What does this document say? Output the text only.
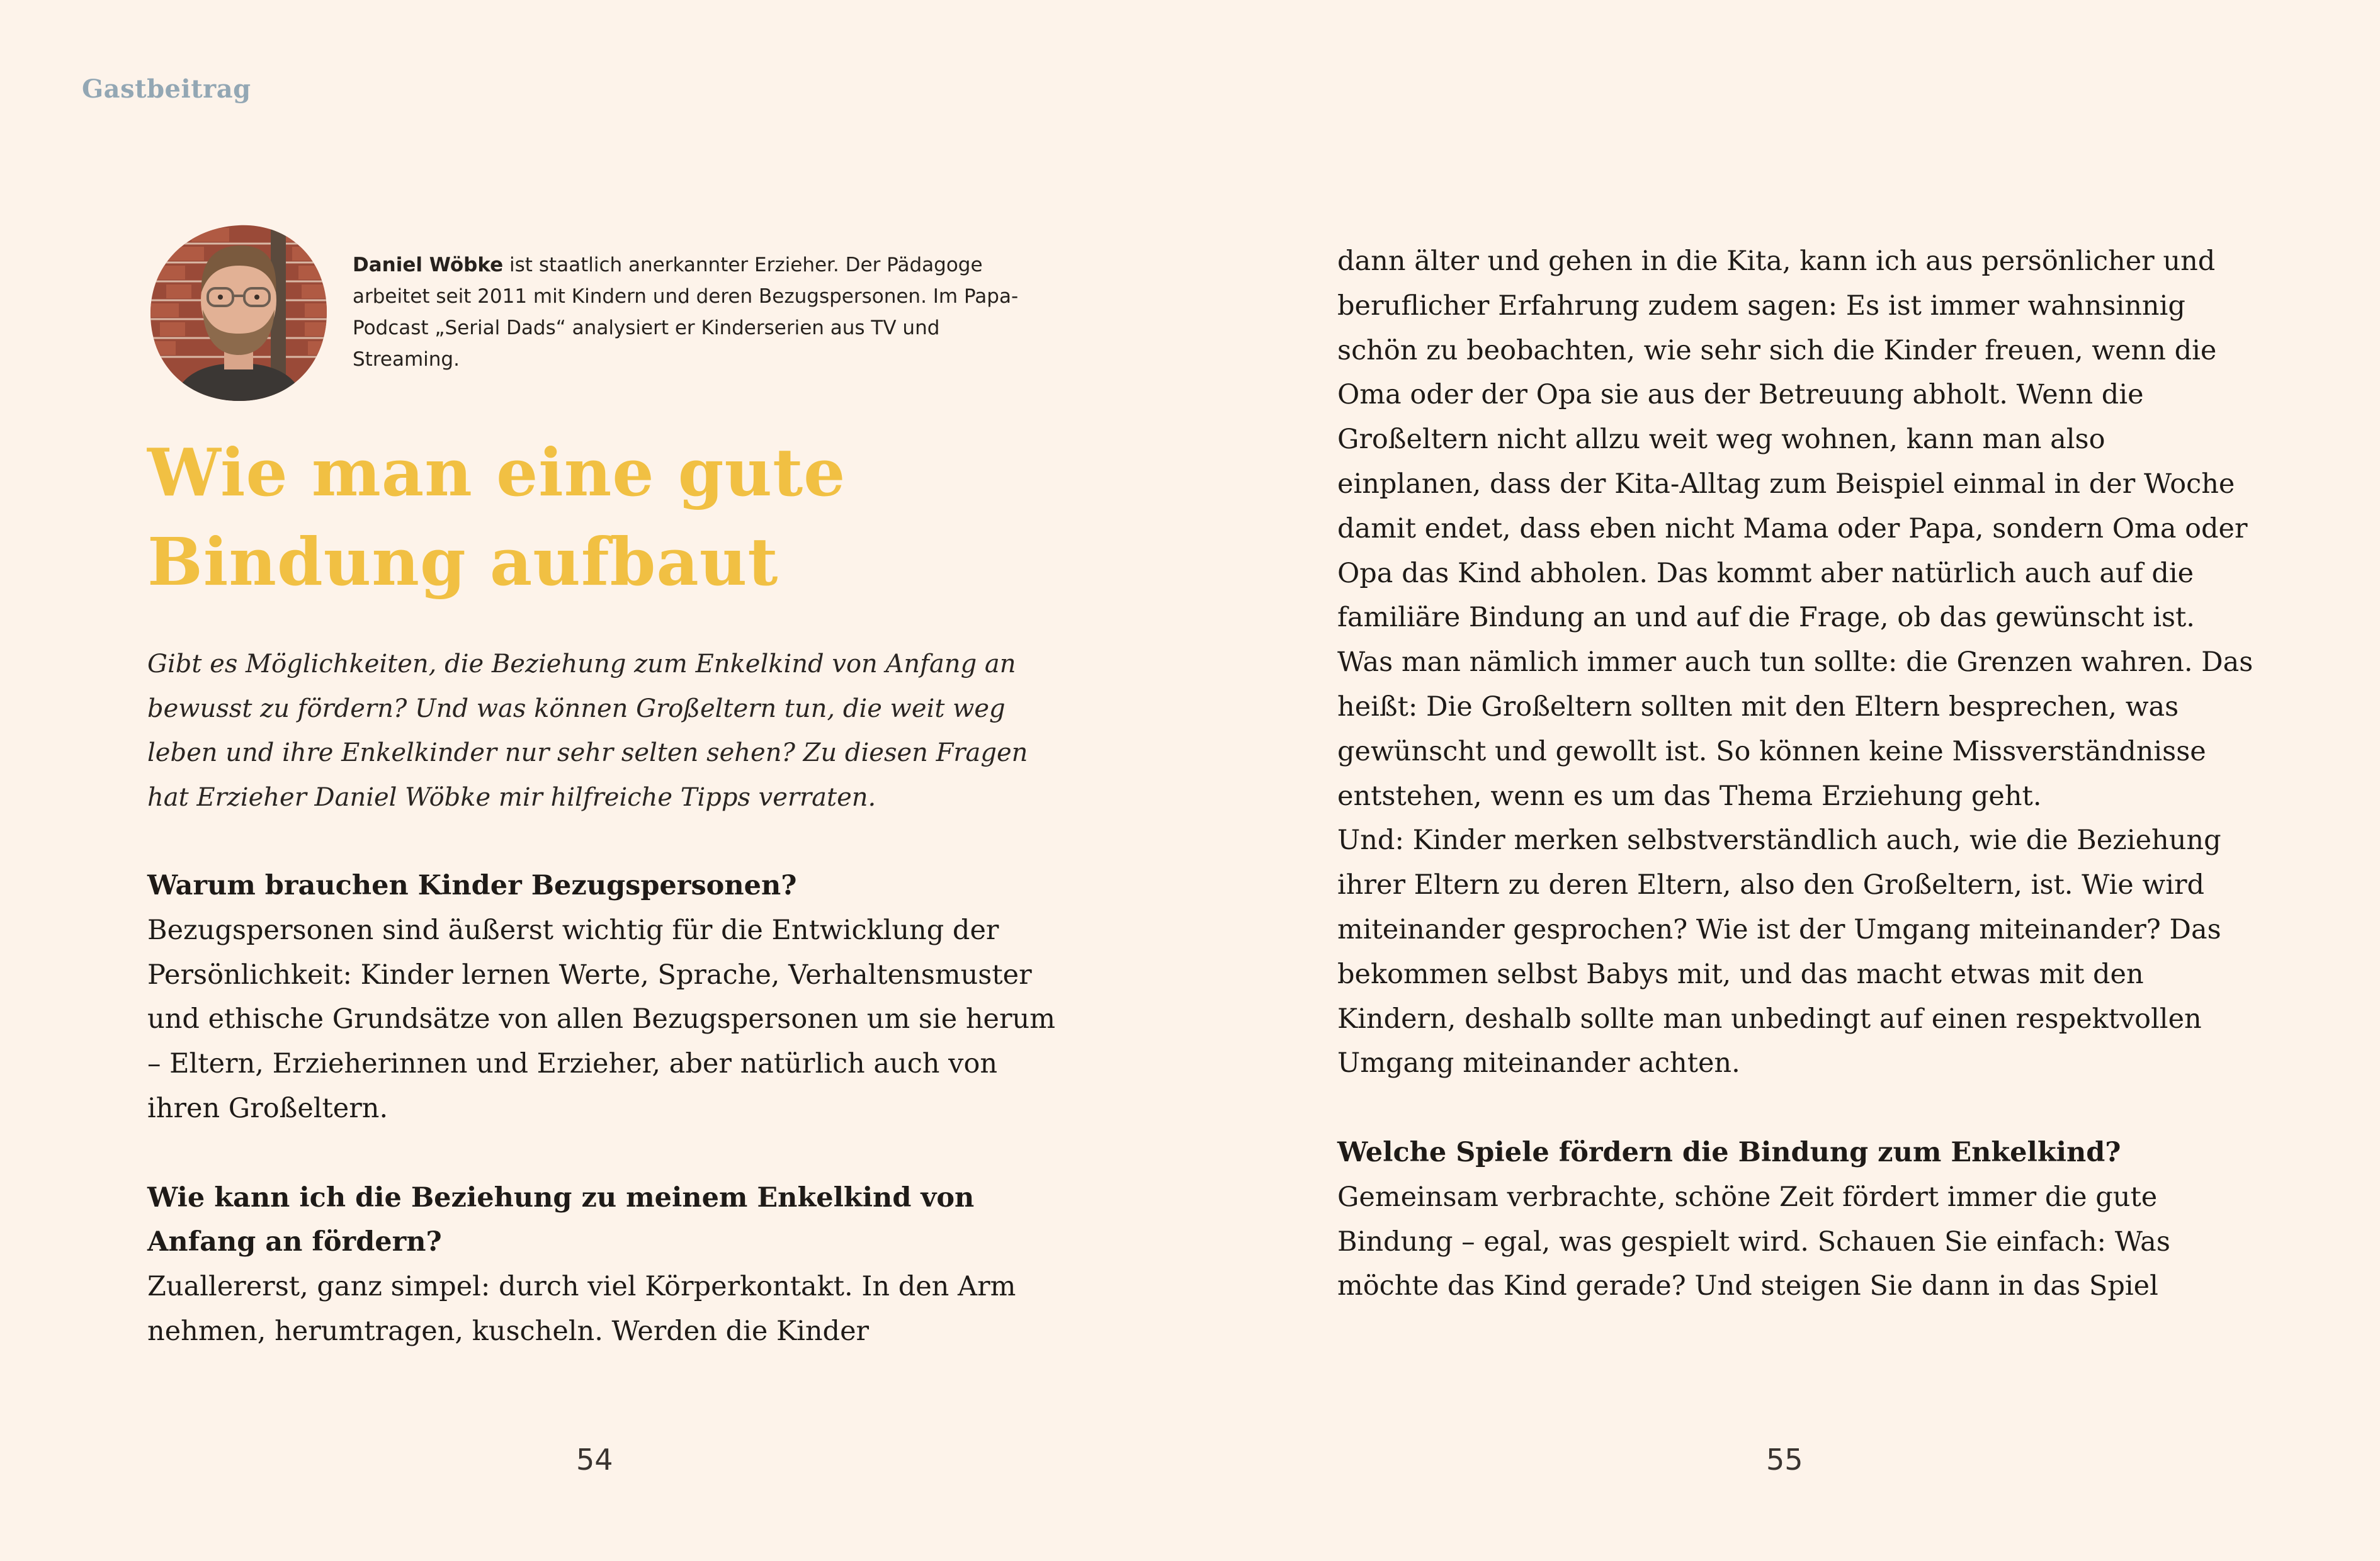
Gastbeitrag
Daniel Wöbke ist staatlich anerkannter Erzieher. Der Pädagoge arbeitet seit 2011 mit Kindern und deren Bezugspersonen. Im Papa-Podcast „Serial Dads“ analysiert er Kinderserien aus TV und Streaming.
Wie man eine gute
Bindung aufbaut

Gibt es Möglichkeiten, die Beziehung zum Enkelkind von Anfang an bewusst zu fördern? Und was können Großeltern tun, die weit weg leben und ihre Enkelkinder nur sehr selten sehen? Zu diesen Fragen hat Erzieher Daniel Wöbke mir hilfreiche Tipps verraten.

Warum brauchen Kinder Bezugspersonen?
Bezugspersonen sind äußerst wichtig für die Entwicklung der Persönlichkeit: Kinder lernen Werte, Sprache, Verhaltensmuster und ethische Grundsätze von allen Bezugspersonen um sie herum – Eltern, Erzieherinnen und Erzieher, aber natürlich auch von ihren Großeltern.
Wie kann ich die Beziehung zu meinem Enkelkind von Anfang an fördern?
Zuallererst, ganz simpel: durch viel Körperkontakt. In den Arm nehmen, herumtragen, kuscheln. Werden die Kinder
dann älter und gehen in die Kita, kann ich aus persönlicher und beruflicher Erfahrung zudem sagen: Es ist immer wahnsinnig schön zu beobachten, wie sehr sich die Kinder freuen, wenn die Oma oder der Opa sie aus der Betreuung abholt. Wenn die Großeltern nicht allzu weit weg wohnen, kann man also einplanen, dass der Kita-Alltag zum Beispiel einmal in der Woche damit endet, dass eben nicht Mama oder Papa, sondern Oma oder Opa das Kind abholen. Das kommt aber natürlich auch auf die familiäre Bindung an und auf die Frage, ob das gewünscht ist. Was man nämlich immer auch tun sollte: die Grenzen wahren. Das heißt: Die Großeltern sollten mit den Eltern besprechen, was gewünscht und gewollt ist. So können keine Missverständnisse entstehen, wenn es um das Thema Erziehung geht.
Und: Kinder merken selbstverständlich auch, wie die Beziehung ihrer Eltern zu deren Eltern, also den Großeltern, ist. Wie wird miteinander gesprochen? Wie ist der Umgang miteinander? Das bekommen selbst Babys mit, und das macht etwas mit den Kindern, deshalb sollte man unbedingt auf einen respektvollen Umgang miteinander achten.
Welche Spiele fördern die Bindung zum Enkelkind?
Gemeinsam verbrachte, schöne Zeit fördert immer die gute Bindung – egal, was gespielt wird. Schauen Sie einfach: Was möchte das Kind gerade? Und steigen Sie dann in das Spiel
54	55
